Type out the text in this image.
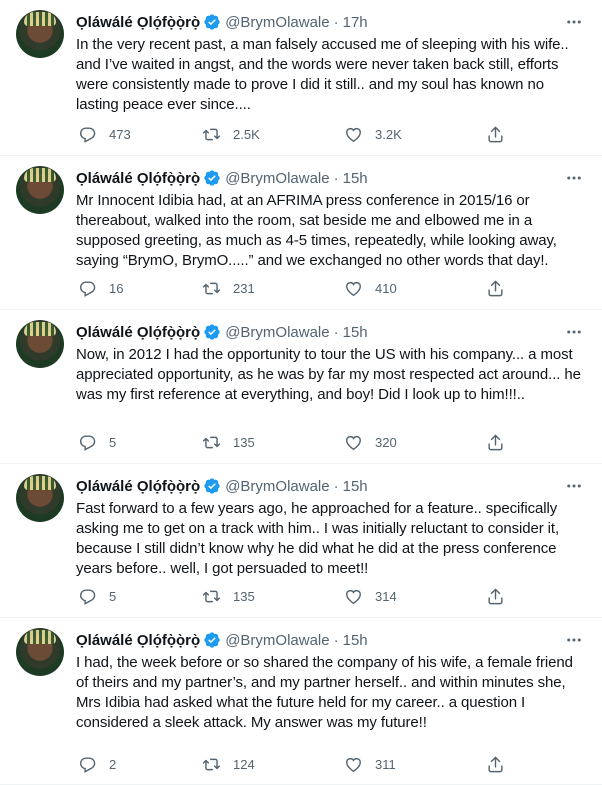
Ọláwálé Ọlọ́fọ̀ọ̀rọ̀ @BrymOlawale · 17h
In the very recent past, a man falsely accused me of sleeping with his wife.. and I’ve waited in angst, and the words were never taken back still, efforts were consistently made to prove I did it still.. and my soul has known no lasting peace ever since....
473	2.5K	3.2K
Ọláwálé Ọlọ́fọ̀ọ̀rọ̀ @BrymOlawale · 15h
Mr Innocent Idibia had, at an AFRIMA press conference in 2015/16 or thereabout, walked into the room, sat beside me and elbowed me in a supposed greeting, as much as 4-5 times, repeatedly, while looking away, saying “BrymO, BrymO.....” and we exchanged no other words that day!.
16	231	410
Ọláwálé Ọlọ́fọ̀ọ̀rọ̀ @BrymOlawale · 15h
Now, in 2012 I had the opportunity to tour the US with his company... a most appreciated opportunity, as he was by far my most respected act around... he was my first reference at everything, and boy! Did I look up to him!!!..
5	135	320
Ọláwálé Ọlọ́fọ̀ọ̀rọ̀ @BrymOlawale · 15h
Fast forward to a few years ago, he approached for a feature.. specifically asking me to get on a track with him.. I was initially reluctant to consider it, because I still didn’t know why he did what he did at the press conference years before.. well, I got persuaded to meet!!
5	135	314
Ọláwálé Ọlọ́fọ̀ọ̀rọ̀ @BrymOlawale · 15h
I had, the week before or so shared the company of his wife, a female friend of theirs and my partner’s, and my partner herself.. and within minutes she, Mrs Idibia had asked what the future held for my career.. a question I considered a sleek attack. My answer was my future!!
2	124	311
